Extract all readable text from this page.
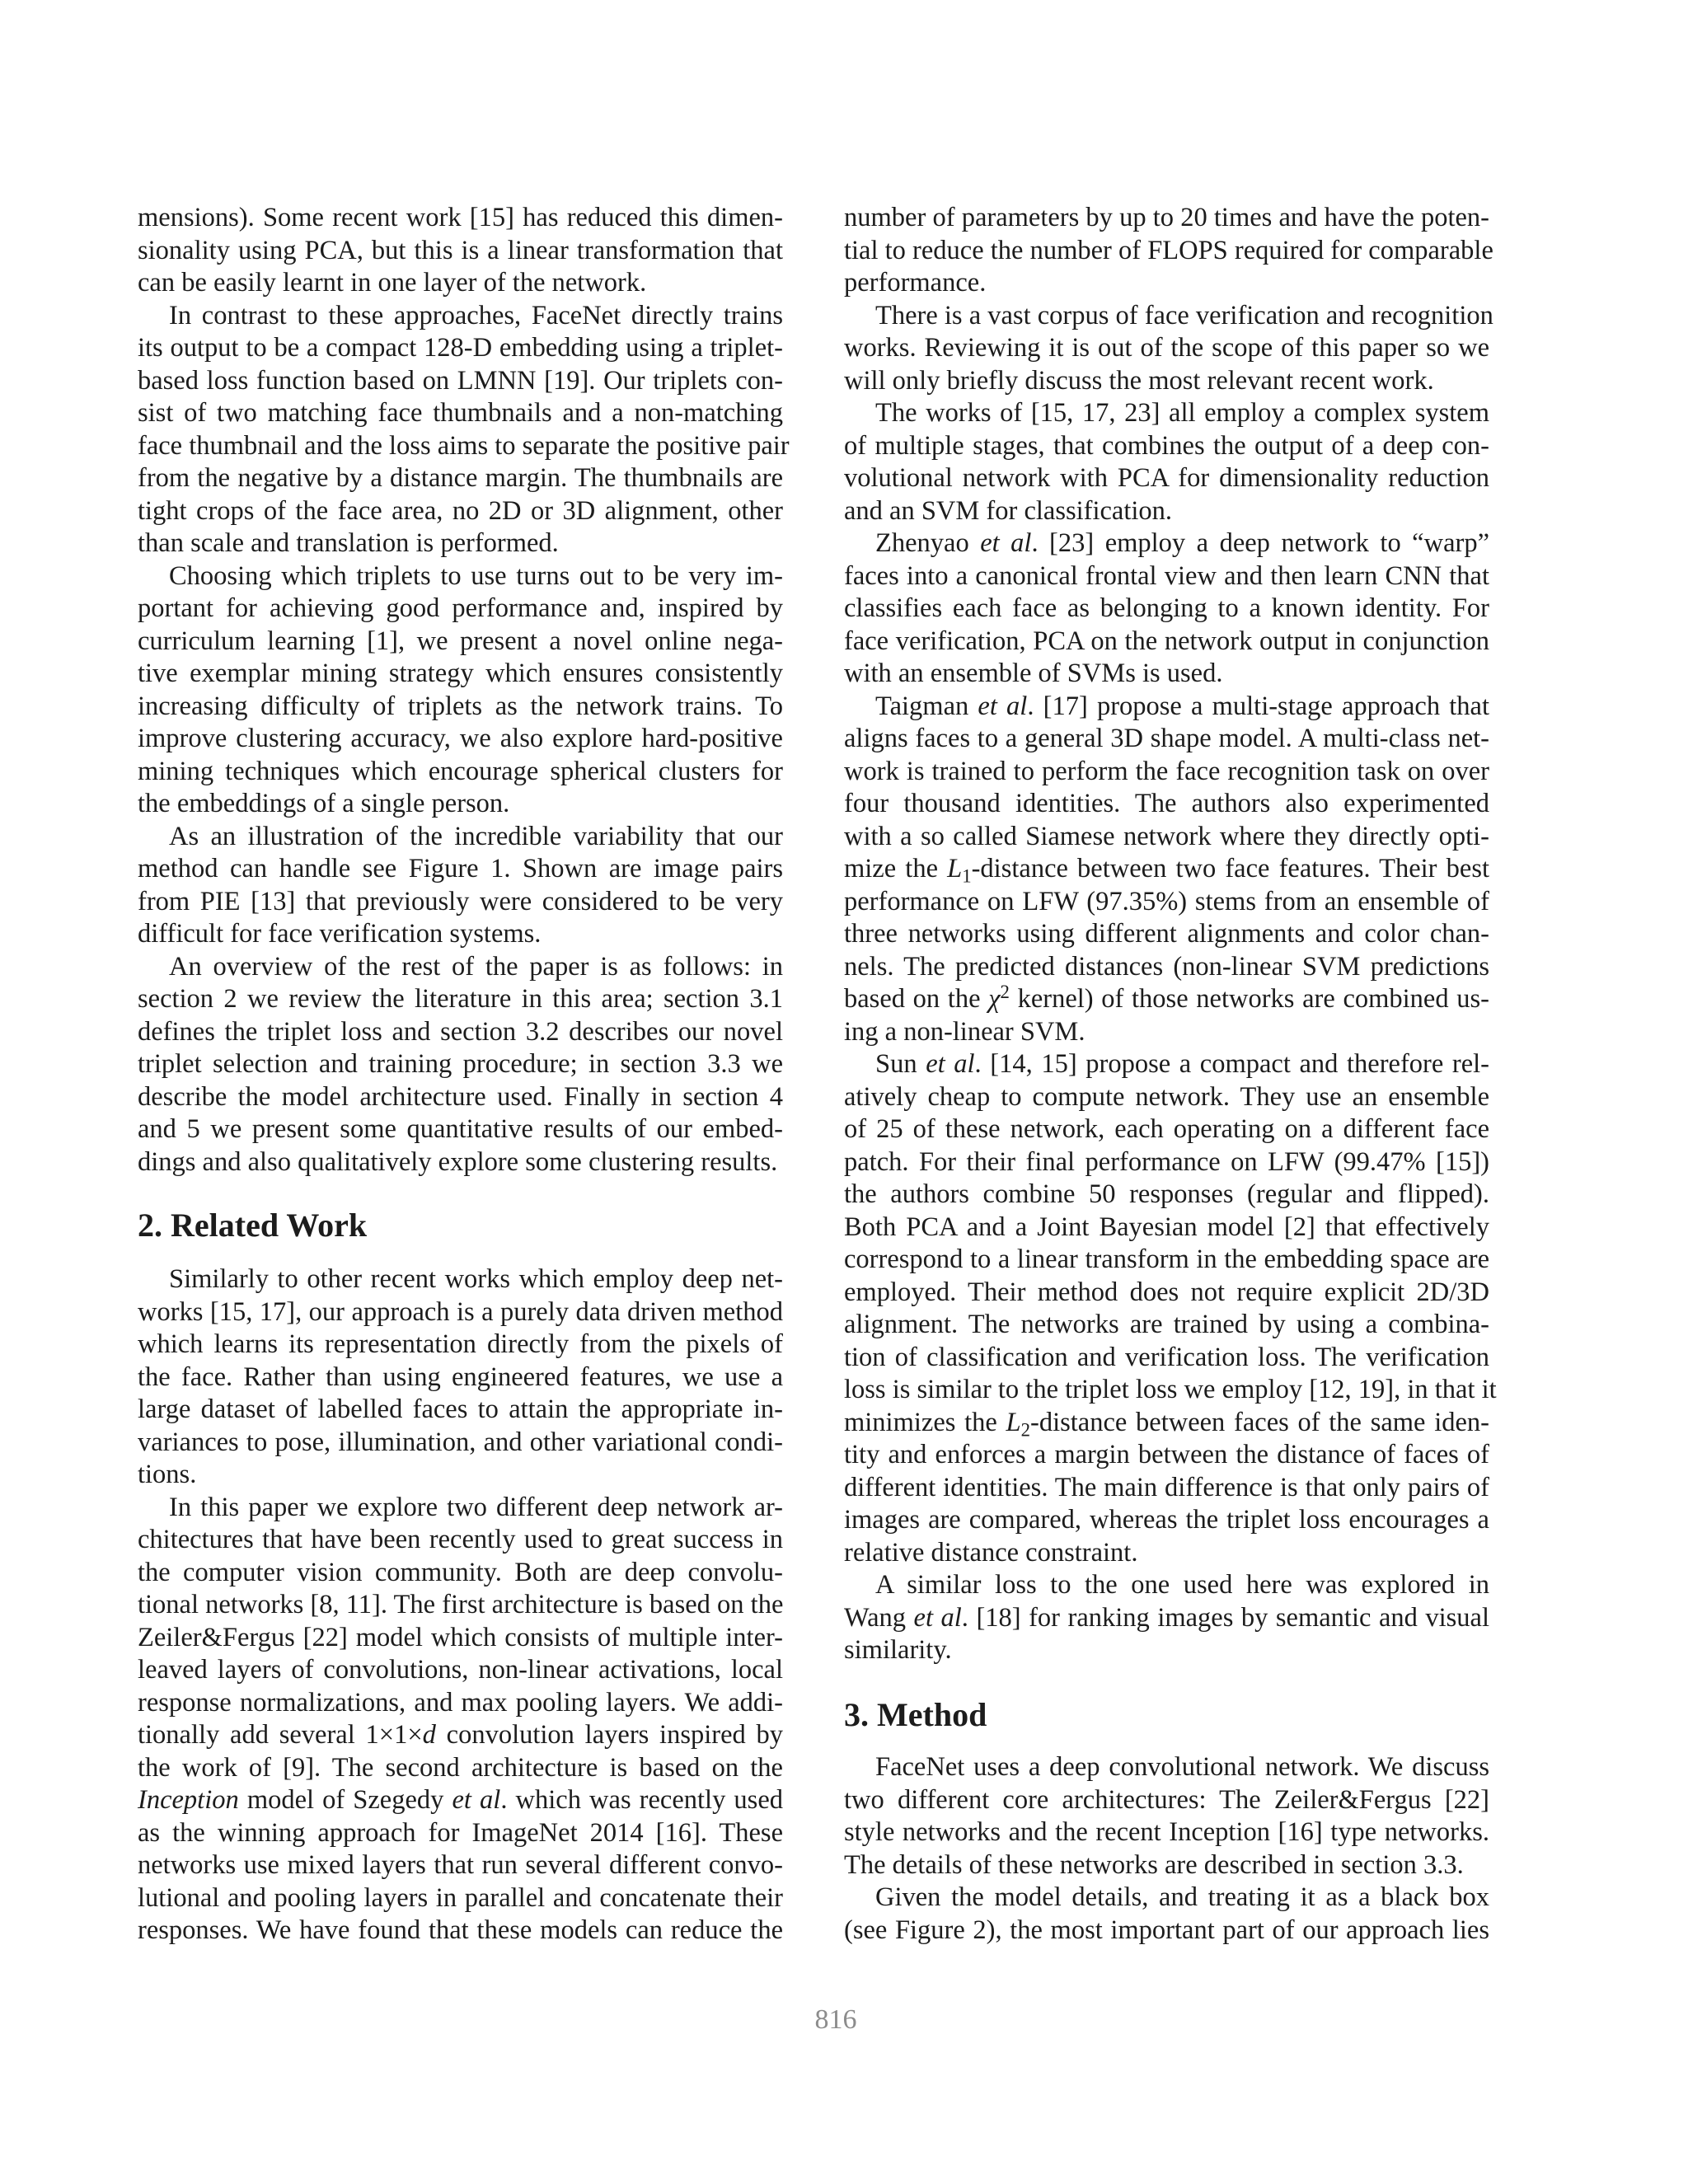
mensions). Some recent work [15] has reduced this dimen-
sionality using PCA, but this is a linear transformation that
can be easily learnt in one layer of the network.
In contrast to these approaches, FaceNet directly trains
its output to be a compact 128-D embedding using a triplet-
based loss function based on LMNN [19]. Our triplets con-
sist of two matching face thumbnails and a non-matching
face thumbnail and the loss aims to separate the positive pair
from the negative by a distance margin. The thumbnails are
tight crops of the face area, no 2D or 3D alignment, other
than scale and translation is performed.
Choosing which triplets to use turns out to be very im-
portant for achieving good performance and, inspired by
curriculum learning [1], we present a novel online nega-
tive exemplar mining strategy which ensures consistently
increasing difficulty of triplets as the network trains. To
improve clustering accuracy, we also explore hard-positive
mining techniques which encourage spherical clusters for
the embeddings of a single person.
As an illustration of the incredible variability that our
method can handle see Figure 1. Shown are image pairs
from PIE [13] that previously were considered to be very
difficult for face verification systems.
An overview of the rest of the paper is as follows: in
section 2 we review the literature in this area; section 3.1
defines the triplet loss and section 3.2 describes our novel
triplet selection and training procedure; in section 3.3 we
describe the model architecture used. Finally in section 4
and 5 we present some quantitative results of our embed-
dings and also qualitatively explore some clustering results.
2. Related Work
Similarly to other recent works which employ deep net-
works [15, 17], our approach is a purely data driven method
which learns its representation directly from the pixels of
the face. Rather than using engineered features, we use a
large dataset of labelled faces to attain the appropriate in-
variances to pose, illumination, and other variational condi-
tions.
In this paper we explore two different deep network ar-
chitectures that have been recently used to great success in
the computer vision community. Both are deep convolu-
tional networks [8, 11]. The first architecture is based on the
Zeiler&Fergus [22] model which consists of multiple inter-
leaved layers of convolutions, non-linear activations, local
response normalizations, and max pooling layers. We addi-
tionally add several 1×1×d convolution layers inspired by
the work of [9]. The second architecture is based on the
Inception model of Szegedy et al. which was recently used
as the winning approach for ImageNet 2014 [16]. These
networks use mixed layers that run several different convo-
lutional and pooling layers in parallel and concatenate their
responses. We have found that these models can reduce the
number of parameters by up to 20 times and have the poten-
tial to reduce the number of FLOPS required for comparable
performance.
There is a vast corpus of face verification and recognition
works. Reviewing it is out of the scope of this paper so we
will only briefly discuss the most relevant recent work.
The works of [15, 17, 23] all employ a complex system
of multiple stages, that combines the output of a deep con-
volutional network with PCA for dimensionality reduction
and an SVM for classification.
Zhenyao et al. [23] employ a deep network to “warp”
faces into a canonical frontal view and then learn CNN that
classifies each face as belonging to a known identity. For
face verification, PCA on the network output in conjunction
with an ensemble of SVMs is used.
Taigman et al. [17] propose a multi-stage approach that
aligns faces to a general 3D shape model. A multi-class net-
work is trained to perform the face recognition task on over
four thousand identities. The authors also experimented
with a so called Siamese network where they directly opti-
mize the $L_1$-distance between two face features. Their best
performance on LFW (97.35%) stems from an ensemble of
three networks using different alignments and color chan-
nels. The predicted distances (non-linear SVM predictions
based on the $\chi^2$ kernel) of those networks are combined us-
ing a non-linear SVM.
Sun et al. [14, 15] propose a compact and therefore rel-
atively cheap to compute network. They use an ensemble
of 25 of these network, each operating on a different face
patch. For their final performance on LFW (99.47% [15])
the authors combine 50 responses (regular and flipped).
Both PCA and a Joint Bayesian model [2] that effectively
correspond to a linear transform in the embedding space are
employed. Their method does not require explicit 2D/3D
alignment. The networks are trained by using a combina-
tion of classification and verification loss. The verification
loss is similar to the triplet loss we employ [12, 19], in that it
minimizes the $L_2$-distance between faces of the same iden-
tity and enforces a margin between the distance of faces of
different identities. The main difference is that only pairs of
images are compared, whereas the triplet loss encourages a
relative distance constraint.
A similar loss to the one used here was explored in
Wang et al. [18] for ranking images by semantic and visual
similarity.
3. Method
FaceNet uses a deep convolutional network. We discuss
two different core architectures: The Zeiler&Fergus [22]
style networks and the recent Inception [16] type networks.
The details of these networks are described in section 3.3.
Given the model details, and treating it as a black box
(see Figure 2), the most important part of our approach lies
816
